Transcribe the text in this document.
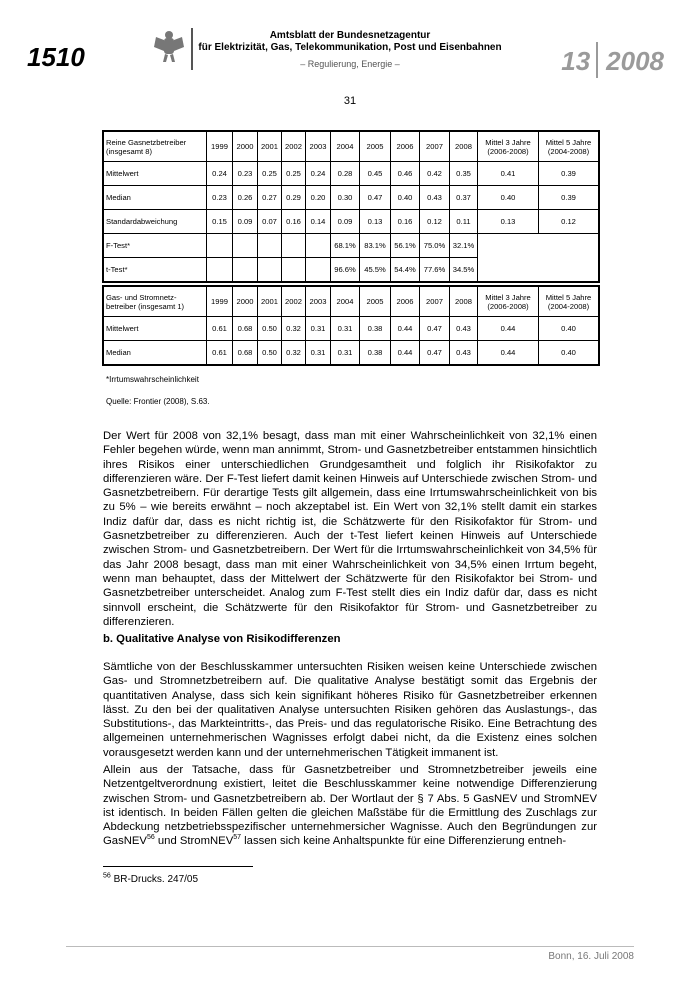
1510
Amtsblatt der Bundesnetzagentur
für Elektrizität, Gas, Telekommunikation, Post und Eisenbahnen
– Regulierung, Energie –	13 2008
31
Reine Gasnetzbetreiber (insgesamt 8)	1999	2000	2001	2002	2003	2004	2005	2006	2007	2008	Mittel 3 Jahre (2006-2008)	Mittel 5 Jahre (2004-2008)
Mittelwert	0.24	0.23	0.25	0.25	0.24	0.28	0.45	0.46	0.42	0.35	0.41	0.39
Median	0.23	0.26	0.27	0.29	0.20	0.30	0.47	0.40	0.43	0.37	0.40	0.39
Standardabweichung	0.15	0.09	0.07	0.16	0.14	0.09	0.13	0.16	0.12	0.11	0.13	0.12
F-Test*						68.1%	83.1%	56.1%	75.0%	32.1%		
t-Test*						96.6%	45.5%	54.4%	77.6%	34.5%		
Gas- und Stromnetz-betreiber (insgesamt 1)	1999	2000	2001	2002	2003	2004	2005	2006	2007	2008	Mittel 3 Jahre (2006-2008)	Mittel 5 Jahre (2004-2008)
Mittelwert	0.61	0.68	0.50	0.32	0.31	0.31	0.38	0.44	0.47	0.43	0.44	0.40
Median	0.61	0.68	0.50	0.32	0.31	0.31	0.38	0.44	0.47	0.43	0.44	0.40
*Irrtumswahrscheinlichkeit
Quelle: Frontier (2008), S.63.
Der Wert für 2008 von 32,1% besagt, dass man mit einer Wahrscheinlichkeit von 32,1% einen Fehler begehen würde, wenn man annimmt, Strom- und Gasnetzbetreiber entstammen hinsichtlich ihres Risikos einer unterschiedlichen Grundgesamtheit und folglich ihr Risikofaktor zu differenzieren wäre. Der F-Test liefert damit keinen Hinweis auf Unterschiede zwischen Strom- und Gasnetzbetreibern. Für derartige Tests gilt allgemein, dass eine Irrtumswahrscheinlichkeit von bis zu 5% – wie bereits erwähnt – noch akzeptabel ist. Ein Wert von 32,1% stellt damit ein starkes Indiz dafür dar, dass es nicht richtig ist, die Schätzwerte für den Risikofaktor für Strom- und Gasnetzbetreiber zu differenzieren. Auch der t-Test liefert keinen Hinweis auf Unterschiede zwischen Strom- und Gasnetzbetreibern. Der Wert für die Irrtumswahrscheinlichkeit von 34,5% für das Jahr 2008 besagt, dass man mit einer Wahrscheinlichkeit von 34,5% einen Irrtum begeht, wenn man behauptet, dass der Mittelwert der Schätzwerte für den Risikofaktor bei Strom- und Gasnetzbetreiber unterscheidet. Analog zum F-Test stellt dies ein Indiz dafür dar, dass es nicht sinnvoll erscheint, die Schätzwerte für den Risikofaktor für Strom- und Gasnetzbetreiber zu differenzieren.
b. Qualitative Analyse von Risikodifferenzen
Sämtliche von der Beschlusskammer untersuchten Risiken weisen keine Unterschiede zwischen Gas- und Stromnetzbetreibern auf. Die qualitative Analyse bestätigt somit das Ergebnis der quantitativen Analyse, dass sich kein signifikant höheres Risiko für Gasnetzbetreiber erkennen lässt. Zu den bei der qualitativen Analyse untersuchten Risiken gehören das Auslastungs-, das Substitutions-, das Markteintritts-, das Preis- und das regulatorische Risiko. Eine Betrachtung des allgemeinen unternehmerischen Wagnisses erfolgt dabei nicht, da die Existenz eines solchen vorausgesetzt werden kann und der unternehmerischen Tätigkeit immanent ist.
Allein aus der Tatsache, dass für Gasnetzbetreiber und Stromnetzbetreiber jeweils eine Netzentgeltverordnung existiert, leitet die Beschlusskammer keine notwendige Differenzierung zwischen Strom- und Gasnetzbetreibern ab. Der Wortlaut der § 7 Abs. 5 GasNEV und StromNEV ist identisch. In beiden Fällen gelten die gleichen Maßstäbe für die Ermittlung des Zuschlags zur Abdeckung netzbetriebsspezifischer unternehmersicher Wagnisse. Auch den Begründungen zur GasNEV$^{56}$ und StromNEV$^{57}$ lassen sich keine Anhaltspunkte für eine Differenzierung entneh-
$^{56}$ BR-Drucks. 247/05
Bonn, 16. Juli 2008
